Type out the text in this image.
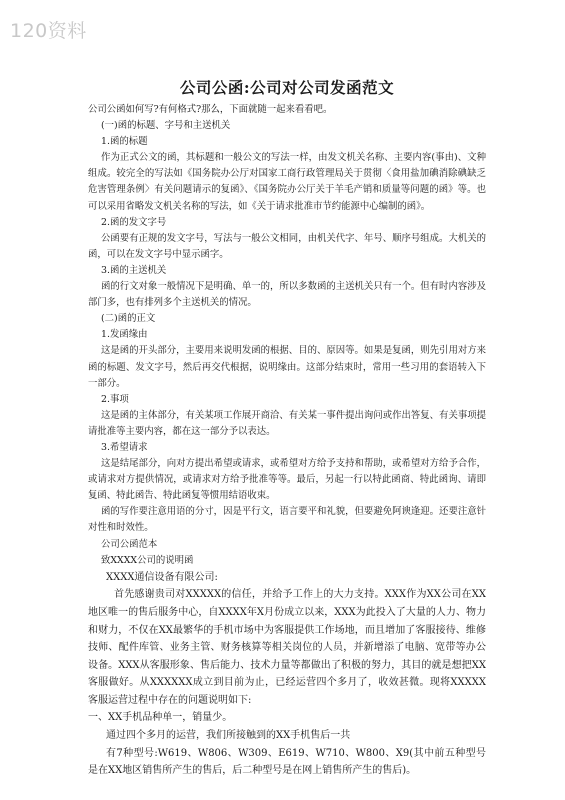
120资料
公司公函:公司对公司发函范文

公司公函如何写?有何格式?那么，下面就随一起来看看吧。

(一)函的标题、字号和主送机关

1.函的标题

作为正式公文的函，其标题和一般公文的写法一样，由发文机关名称、主要内容(事由)、文种组成。较完全的写法如《国务院办公厅对国家工商行政管理局关于贯彻〈食用盐加碘消除碘缺乏危害管理条例〉有关问题请示的复函》、《国务院办公厅关于羊毛产销和质量等问题的函》等。也可以采用省略发文机关名称的写法，如《关于请求批准市节约能源中心编制的函》。

2.函的发文字号

公函要有正规的发文字号，写法与一般公文相同，由机关代字、年号、顺序号组成。大机关的函，可以在发文字号中显示函字。

3.函的主送机关

函的行文对象一般情况下是明确、单一的，所以多数函的主送机关只有一个。但有时内容涉及部门多，也有排列多个主送机关的情况。

(二)函的正文

1.发函缘由

这是函的开头部分，主要用来说明发函的根据、目的、原因等。如果是复函，则先引用对方来函的标题、发文字号，然后再交代根据，说明缘由。这部分结束时，常用一些习用的套语转入下一部分。

2.事项

这是函的主体部分，有关某项工作展开商洽、有关某一事件提出询问或作出答复、有关事项提请批准等主要内容，都在这一部分予以表达。

3.希望请求

这是结尾部分，向对方提出希望或请求，或希望对方给予支持和帮助，或希望对方给予合作，或请求对方提供情况，或请求对方给予批准等等。最后，另起一行以特此函商、特此函询、请即复函、特此函告、特此函复等惯用结语收束。

函的写作要注意用语的分寸，因是平行文，语言要平和礼貌，但要避免阿谀逢迎。还要注意针对性和时效性。

公司公函范本

致XXXX公司的说明函

XXXX通信设备有限公司:

首先感谢贵司对XXXXX的信任，并给予工作上的大力支持。XXX作为XX公司在XX地区唯一的售后服务中心，自XXXX年X月份成立以来，XXX为此投入了大量的人力、物力和财力，不仅在XX最繁华的手机市场中为客服提供工作场地，而且增加了客服接待、维修技师、配件库管、业务主管、财务核算等相关岗位的人员，并新增添了电脑、宽带等办公设备。XXX从客服形象、售后能力、技术力量等都做出了积极的努力，其目的就是想把XX客服做好。从XXXXXX成立到目前为止，已经运营四个多月了，收效甚微。现将XXXXX客服运营过程中存在的问题说明如下:

一、XX手机品种单一，销量少。

通过四个多月的运营，我们所接触到的XX手机售后一共

有7种型号:W619、W806、W309、E619、W710、W800、X9(其中前五种型号是在XX地区销售所产生的售后，后二种型号是在网上销售所产生的售后)。
